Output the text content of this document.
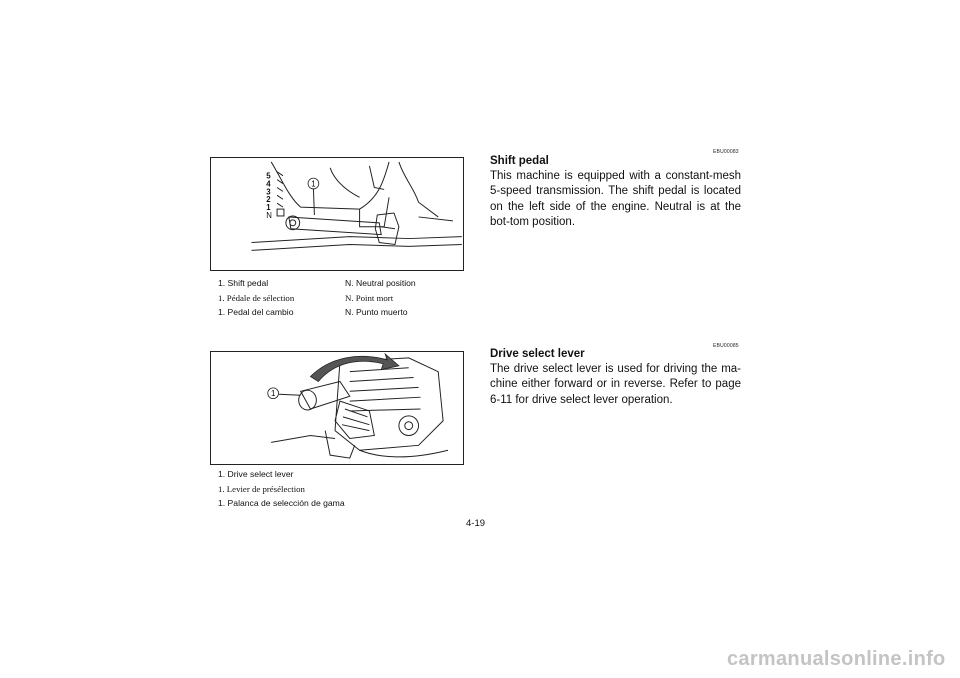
1
5
4
3
2
1
N
1. Shift pedal	N. Neutral position
1. Pédale de sélection	N. Point mort
1. Pedal del cambio	N. Punto muerto
1
1. Drive select lever
1. Levier de présélection
1. Palanca de selección de gama
EBU00083
Shift pedal
This machine is equipped with a constant-mesh 5-speed transmission. The shift pedal is located on the left side of the engine. Neutral is at the bot-tom position.
EBU00085
Drive select lever
The drive select lever is used for driving the ma-chine either forward or in reverse. Refer to page 6-11 for drive select lever operation.
4-19
carmanualsonline.info
